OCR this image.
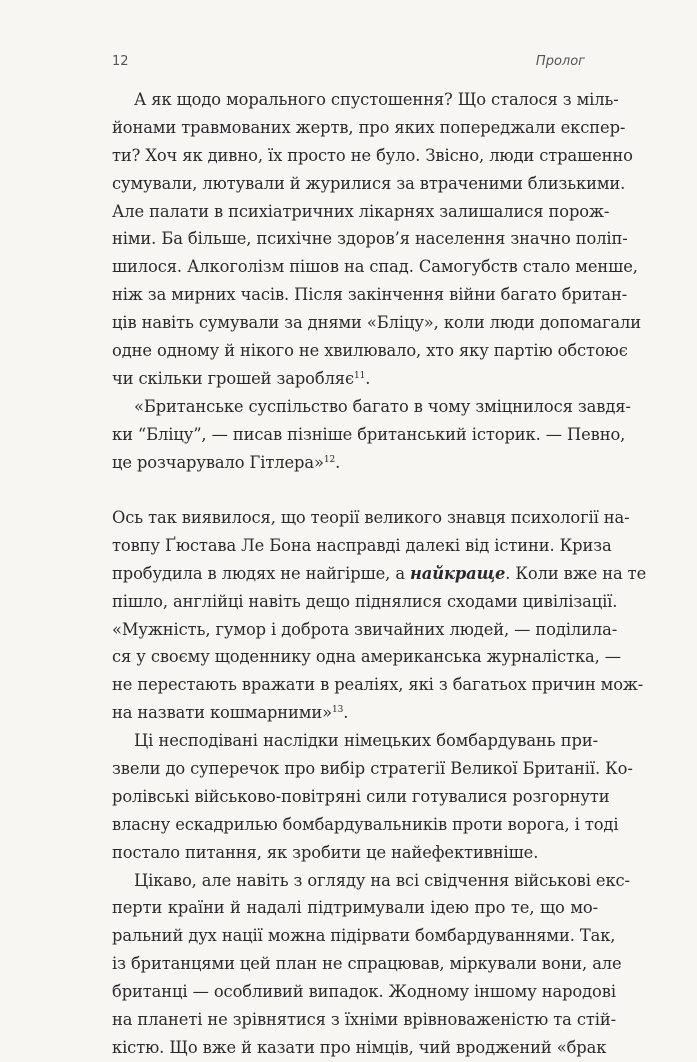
12	Пролог
А як щодо морального спустошення? Що сталося з міль-
йонами травмованих жертв, про яких попереджали експер-
ти? Хоч як дивно, їх просто не було. Звісно, люди страшенно
сумували, лютували й журилися за втраченими близькими.
Але палати в психіатричних лікарнях залишалися порож-
німи. Ба більше, психічне здоров’я населення значно поліп-
шилося. Алкоголізм пішов на спад. Самогубств стало менше,
ніж за мирних часів. Після закінчення війни багато британ-
ців навіть сумували за днями «Бліцу», коли люди допомагали
одне одному й нікого не хвилювало, хто яку партію обстоює
чи скільки грошей заробляє$^{11}$.
«Британське суспільство багато в чому зміцнилося завдя-
ки “Бліцу”, — писав пізніше британський історик. — Певно,
це розчарувало Гітлера»$^{12}$.
Ось так виявилося, що теорії великого знавця психології на-
товпу Ґюстава Ле Бона насправді далекі від істини. Криза
пробудила в людях не найгірше, а найкраще. Коли вже на те
пішло, англійці навіть дещо піднялися сходами цивілізації.
«Мужність, гумор і доброта звичайних людей, — поділила-
ся у своєму щоденнику одна американська журналістка, —
не перестають вражати в реаліях, які з багатьох причин мож-
на назвати кошмарними»$^{13}$.
Ці несподівані наслідки німецьких бомбардувань при-
звели до суперечок про вибір стратегії Великої Британії. Ко-
ролівські військово-повітряні сили готувалися розгорнути
власну ескадрилью бомбардувальників проти ворога, і тоді
постало питання, як зробити це найефективніше.
Цікаво, але навіть з огляду на всі свідчення військові екс-
перти країни й надалі підтримували ідею про те, що мо-
ральний дух нації можна підірвати бомбардуваннями. Так,
із британцями цей план не спрацював, міркували вони, але
британці — особливий випадок. Жодному іншому народові
на планеті не зрівнятися з їхніми врівноваженістю та стій-
кістю. Що вже й казати про німців, чий вроджений «брак
